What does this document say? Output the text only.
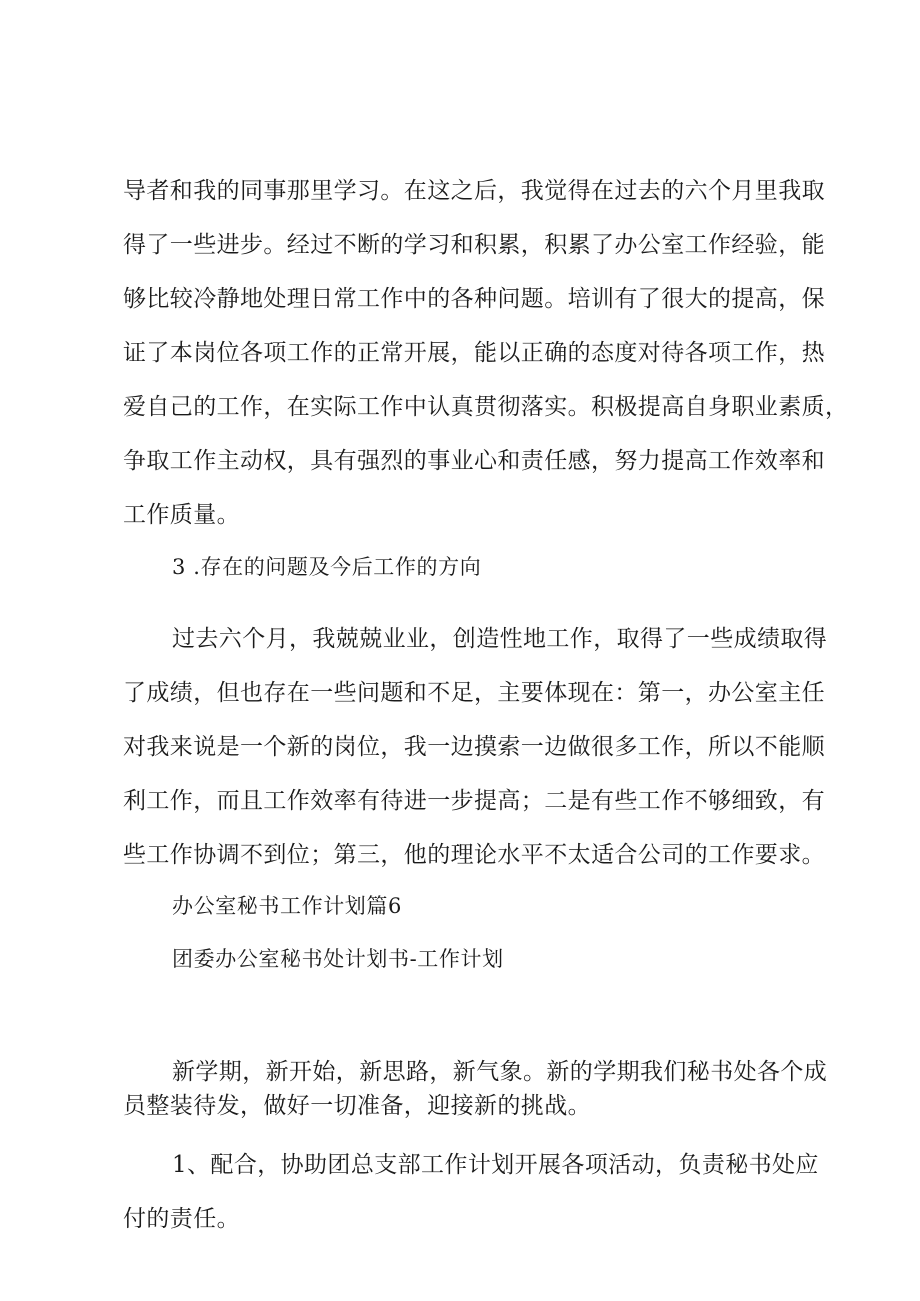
导者和我的同事那里学习。在这之后，我觉得在过去的六个月里我取
得了一些进步。经过不断的学习和积累，积累了办公室工作经验，能
够比较冷静地处理日常工作中的各种问题。培训有了很大的提高，保
证了本岗位各项工作的正常开展，能以正确的态度对待各项工作，热
爱自己的工作，在实际工作中认真贯彻落实。积极提高自身职业素质，
争取工作主动权，具有强烈的事业心和责任感，努力提高工作效率和
工作质量。
3 .存在的问题及今后工作的方向
过去六个月，我兢兢业业，创造性地工作，取得了一些成绩取得
了成绩，但也存在一些问题和不足，主要体现在：第一，办公室主任
对我来说是一个新的岗位，我一边摸索一边做很多工作，所以不能顺
利工作，而且工作效率有待进一步提高；二是有些工作不够细致，有
些工作协调不到位；第三，他的理论水平不太适合公司的工作要求。
办公室秘书工作计划篇6
团委办公室秘书处计划书-工作计划
新学期，新开始，新思路，新气象。新的学期我们秘书处各个成
员整装待发，做好一切准备，迎接新的挑战。
1、配合，协助团总支部工作计划开展各项活动，负责秘书处应
付的责任。
